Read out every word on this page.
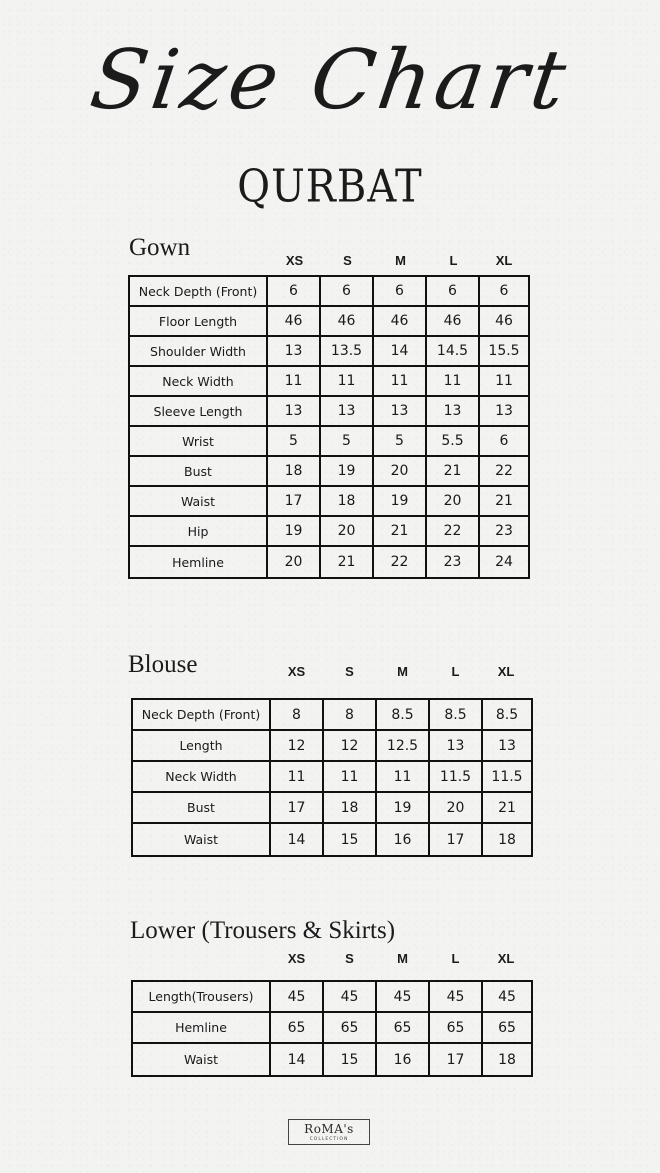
Size Chart
QURBAT
Gown	XS	S	M	L	XL
Neck Depth (Front)	6	6	6	6	6
Floor Length	46	46	46	46	46
Shoulder Width	13	13.5	14	14.5	15.5
Neck Width	11	11	11	11	11
Sleeve Length	13	13	13	13	13
Wrist	5	5	5	5.5	6
Bust	18	19	20	21	22
Waist	17	18	19	20	21
Hip	19	20	21	22	23
Hemline	20	21	22	23	24
Blouse	XS	S	M	L	XL
Neck Depth (Front)	8	8	8.5	8.5	8.5
Length	12	12	12.5	13	13
Neck Width	11	11	11	11.5	11.5
Bust	17	18	19	20	21
Waist	14	15	16	17	18
Lower (Trousers & Skirts)
XS	S	M	L	XL
Length(Trousers)	45	45	45	45	45
Hemline	65	65	65	65	65
Waist	14	15	16	17	18
RoMA's
COLLECTION
